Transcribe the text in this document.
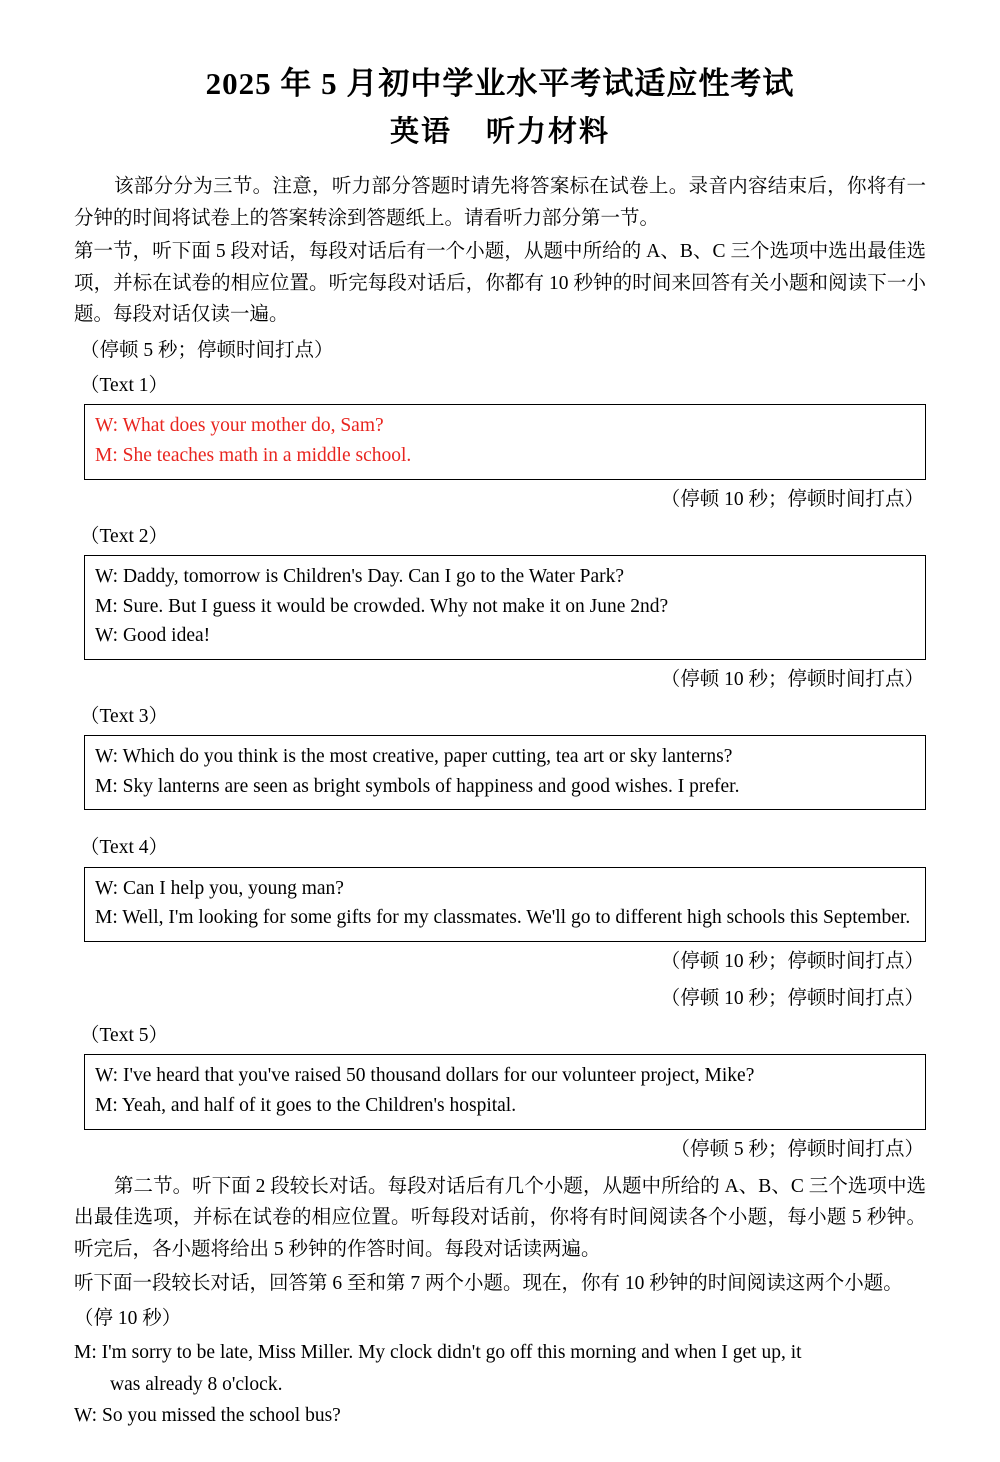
2025 年 5 月初中学业水平考试适应性考试
英语 听力材料

该部分分为三节。注意，听力部分答题时请先将答案标在试卷上。录音内容结束后，你将有一分钟的时间将试卷上的答案转涂到答题纸上。请看听力部分第一节。

第一节，听下面 5 段对话，每段对话后有一个小题，从题中所给的 A、B、C 三个选项中选出最佳选项，并标在试卷的相应位置。听完每段对话后，你都有 10 秒钟的时间来回答有关小题和阅读下一小题。每段对话仅读一遍。

（停顿 5 秒；停顿时间打点）

（Text 1）

W: What does your mother do, Sam?

M: She teaches math in a middle school.

（停顿 10 秒；停顿时间打点）

（Text 2）

W: Daddy, tomorrow is Children's Day. Can I go to the Water Park?

M: Sure. But I guess it would be crowded. Why not make it on June 2nd?

W: Good idea!

（停顿 10 秒；停顿时间打点）

（Text 3）

W: Which do you think is the most creative, paper cutting, tea art or sky lanterns?

M: Sky lanterns are seen as bright symbols of happiness and good wishes. I prefer.

（Text 4）

W: Can I help you, young man?

M: Well, I'm looking for some gifts for my classmates. We'll go to different high schools this September.

（停顿 10 秒；停顿时间打点）

（停顿 10 秒；停顿时间打点）

（Text 5）

W: I've heard that you've raised 50 thousand dollars for our volunteer project, Mike?

M: Yeah, and half of it goes to the Children's hospital.

（停顿 5 秒；停顿时间打点）

第二节。听下面 2 段较长对话。每段对话后有几个小题，从题中所给的 A、B、C 三个选项中选出最佳选项，并标在试卷的相应位置。听每段对话前，你将有时间阅读各个小题，每小题 5 秒钟。听完后，各小题将给出 5 秒钟的作答时间。每段对话读两遍。

听下面一段较长对话，回答第 6 至和第 7 两个小题。现在，你有 10 秒钟的时间阅读这两个小题。

（停 10 秒）

M: I'm sorry to be late, Miss Miller. My clock didn't go off this morning and when I get up, it

was already 8 o'clock.

W: So you missed the school bus?
